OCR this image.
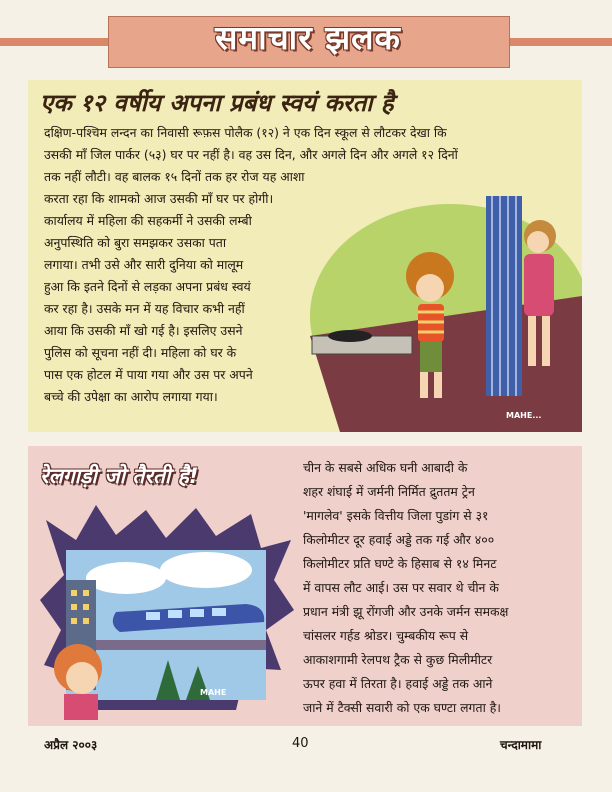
समाचार झलक
एक १२ वर्षीय अपना प्रबंध स्वयं करता है
दक्षिण-पश्चिम लन्दन का निवासी रूफ़स पोलैक (१२) ने एक दिन स्कूल से लौटकर देखा कि
उसकी माँ जिल पार्कर (५३) घर पर नहीं है। वह उस दिन, और अगले दिन और अगले १२ दिनों
तक नहीं लौटी। वह बालक १५ दिनों तक हर रोज यह आशा
करता रहा कि शामको आज उसकी माँ घर पर होगी।
कार्यालय में महिला की सहकर्मी ने उसकी लम्बी
अनुपस्थिति को बुरा समझकर उसका पता
लगाया। तभी उसे और सारी दुनिया को मालूम
हुआ कि इतने दिनों से लड़का अपना प्रबंध स्वयं
कर रहा है। उसके मन में यह विचार कभी नहीं
आया कि उसकी माँ खो गई है। इसलिए उसने
पुलिस को सूचना नहीं दी। महिला को घर के
पास एक होटल में पाया गया और उस पर अपने
बच्चे की उपेक्षा का आरोप लगाया गया।
MAHE...
रेलगाड़ी जो तैरती है!	चीन के सबसे अधिक घनी आबादी के
शहर शंघाई में जर्मनी निर्मित द्रुततम ट्रेन
'मागलेव' इसके वित्तीय जिला पुडांग से ३१
किलोमीटर दूर हवाई अड्डे तक गई और ४००
किलोमीटर प्रति घण्टे के हिसाब से १४ मिनट
में वापस लौट आई। उस पर सवार थे चीन के
प्रधान मंत्री झू रोंगजी और उनके जर्मन समकक्ष
चांसलर गर्हड श्रोडर। चुम्बकीय रूप से
आकाशगामी रेलपथ ट्रैक से कुछ मिलीमीटर
ऊपर हवा में तिरता है। हवाई अड्डे तक आने
जाने में टैक्सी सवारी को एक घण्टा लगता है।
MAHE
अप्रैल २००३	40	चन्दामामा
